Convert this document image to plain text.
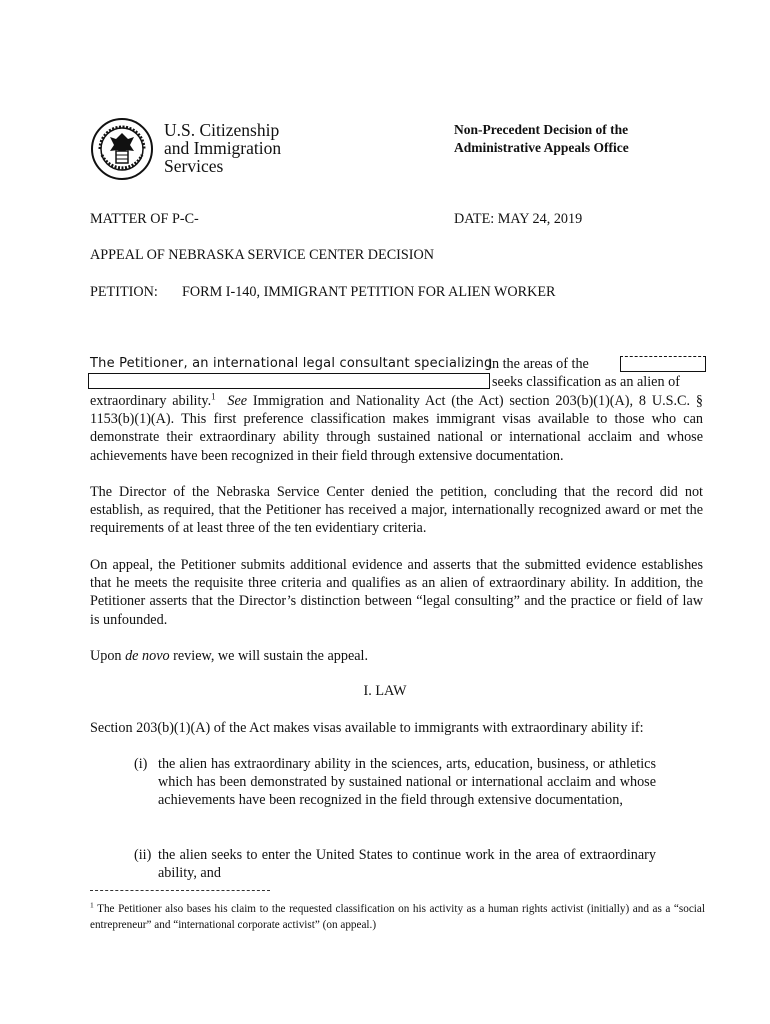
U.S. Citizenship
and Immigration
Services
Non-Precedent Decision of the
Administrative Appeals Office
MATTER OF P-C-	DATE: MAY 24, 2019
APPEAL OF NEBRASKA SERVICE CENTER DECISION
PETITION: FORM I-140, IMMIGRANT PETITION FOR ALIEN WORKER
The Petitioner, an international legal consultant specializing
in the areas of the
seeks classification as an alien of
extraordinary ability.$^1$ See Immigration and Nationality Act (the Act) section 203(b)(1)(A), 8 U.S.C. § 1153(b)(1)(A). This first preference classification makes immigrant visas available to those who can demonstrate their extraordinary ability through sustained national or international acclaim and whose achievements have been recognized in their field through extensive documentation.
The Director of the Nebraska Service Center denied the petition, concluding that the record did not establish, as required, that the Petitioner has received a major, internationally recognized award or met the requirements of at least three of the ten evidentiary criteria.
On appeal, the Petitioner submits additional evidence and asserts that the submitted evidence establishes that he meets the requisite three criteria and qualifies as an alien of extraordinary ability. In addition, the Petitioner asserts that the Director’s distinction between “legal consulting” and the practice or field of law is unfounded.
Upon de novo review, we will sustain the appeal.
I. LAW
Section 203(b)(1)(A) of the Act makes visas available to immigrants with extraordinary ability if:
(i) the alien has extraordinary ability in the sciences, arts, education, business, or athletics which has been demonstrated by sustained national or international acclaim and whose achievements have been recognized in the field through extensive documentation,
(ii) the alien seeks to enter the United States to continue work in the area of extraordinary ability, and
$^1$ The Petitioner also bases his claim to the requested classification on his activity as a human rights activist (initially) and as a “social entrepreneur” and “international corporate activist” (on appeal.)
